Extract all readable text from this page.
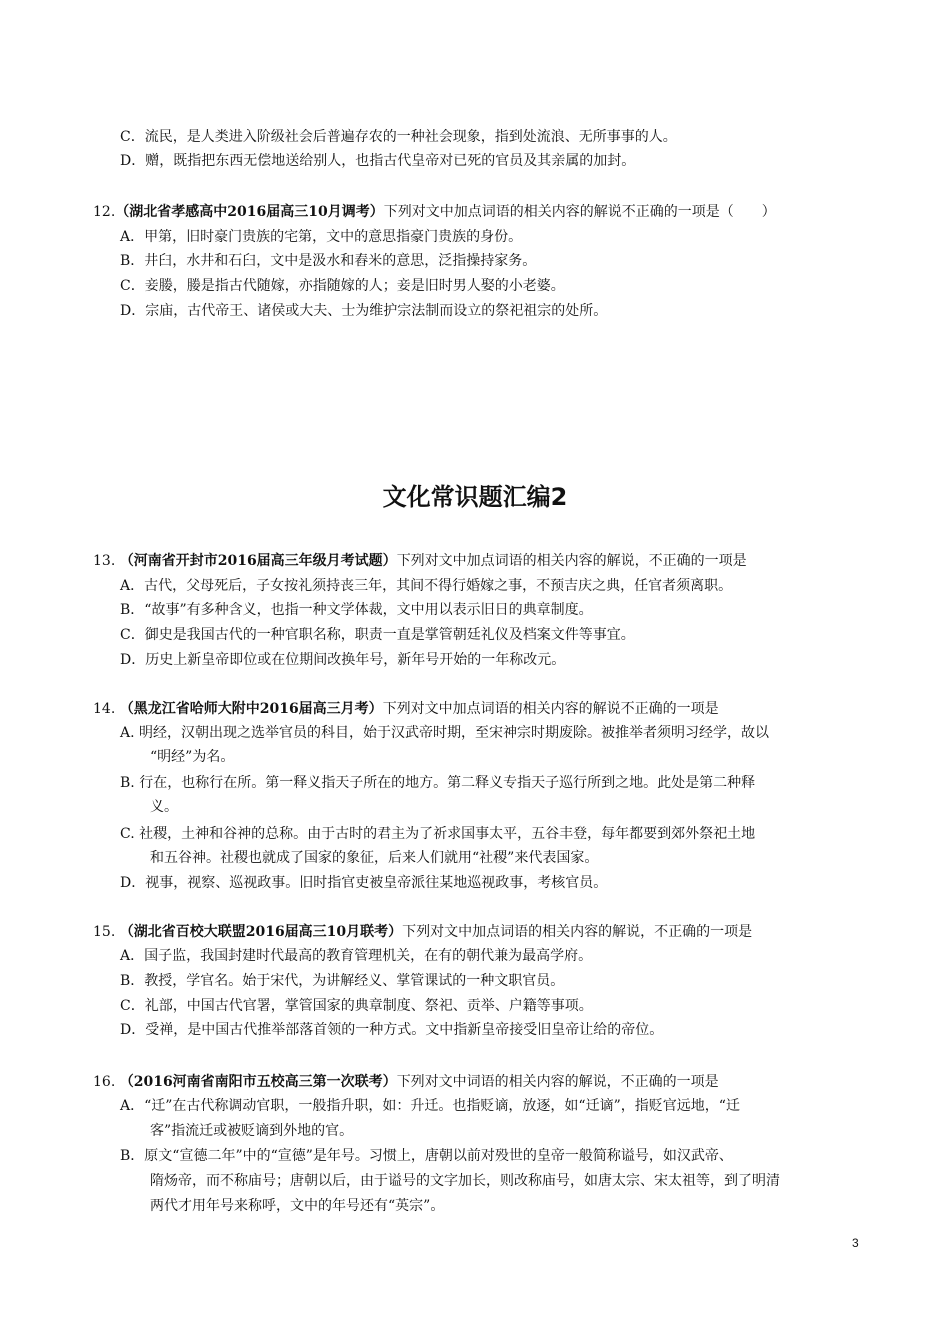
C．流民，是人类进入阶级社会后普遍存农的一种社会现象，指到处流浪、无所事事的人。
D．赠，既指把东西无偿地送给别人，也指古代皇帝对已死的官员及其亲属的加封。
12.（湖北省孝感高中2016届高三10月调考）下列对文中加点词语的相关内容的解说不正确的一项是（　　）
A．甲第，旧时豪门贵族的宅第，文中的意思指豪门贵族的身份。
B．井臼，水井和石臼，文中是汲水和舂米的意思，泛指操持家务。
C．妾媵，媵是指古代随嫁，亦指随嫁的人；妾是旧时男人娶的小老婆。
D．宗庙，古代帝王、诸侯或大夫、士为维护宗法制而设立的祭祀祖宗的处所。
文化常识题汇编2
13. （河南省开封市2016届高三年级月考试题）下列对文中加点词语的相关内容的解说，不正确的一项是
A．古代，父母死后，子女按礼须持丧三年，其间不得行婚嫁之事，不预吉庆之典，任官者须离职。
B．“故事”有多种含义，也指一种文学体裁，文中用以表示旧日的典章制度。
C．御史是我国古代的一种官职名称，职责一直是掌管朝廷礼仪及档案文件等事宜。
D．历史上新皇帝即位或在位期间改换年号，新年号开始的一年称改元。
14. （黑龙江省哈师大附中2016届高三月考）下列对文中加点词语的相关内容的解说不正确的一项是
A. 明经，汉朝出现之选举官员的科目，始于汉武帝时期，至宋神宗时期废除。被推举者须明习经学，故以
“明经”为名。
B. 行在，也称行在所。第一释义指天子所在的地方。第二释义专指天子巡行所到之地。此处是第二种释
义。
C. 社稷，土神和谷神的总称。由于古时的君主为了祈求国事太平，五谷丰登，每年都要到郊外祭祀土地
和五谷神。社稷也就成了国家的象征，后来人们就用“社稷”来代表国家。
D．视事，视察、巡视政事。旧时指官吏被皇帝派往某地巡视政事，考核官员。
15. （湖北省百校大联盟2016届高三10月联考）下列对文中加点词语的相关内容的解说，不正确的一项是
A．国子监，我国封建时代最高的教育管理机关，在有的朝代兼为最高学府。
B．教授，学官名。始于宋代，为讲解经义、掌管课试的一种文职官员。
C．礼部，中国古代官署，掌管国家的典章制度、祭祀、贡举、户籍等事项。
D．受禅，是中国古代推举部落首领的一种方式。文中指新皇帝接受旧皇帝让给的帝位。
16. （2016河南省南阳市五校高三第一次联考）下列对文中词语的相关内容的解说，不正确的一项是
A．“迁”在古代称调动官职，一般指升职，如：升迁。也指贬谪，放逐，如“迁谪”，指贬官远地，“迁
客”指流迁或被贬谪到外地的官。
B．原文“宣德二年”中的“宣德”是年号。习惯上，唐朝以前对殁世的皇帝一般简称谥号，如汉武帝、
隋炀帝，而不称庙号；唐朝以后，由于谥号的文字加长，则改称庙号，如唐太宗、宋太祖等，到了明清
两代才用年号来称呼，文中的年号还有“英宗”。
3
